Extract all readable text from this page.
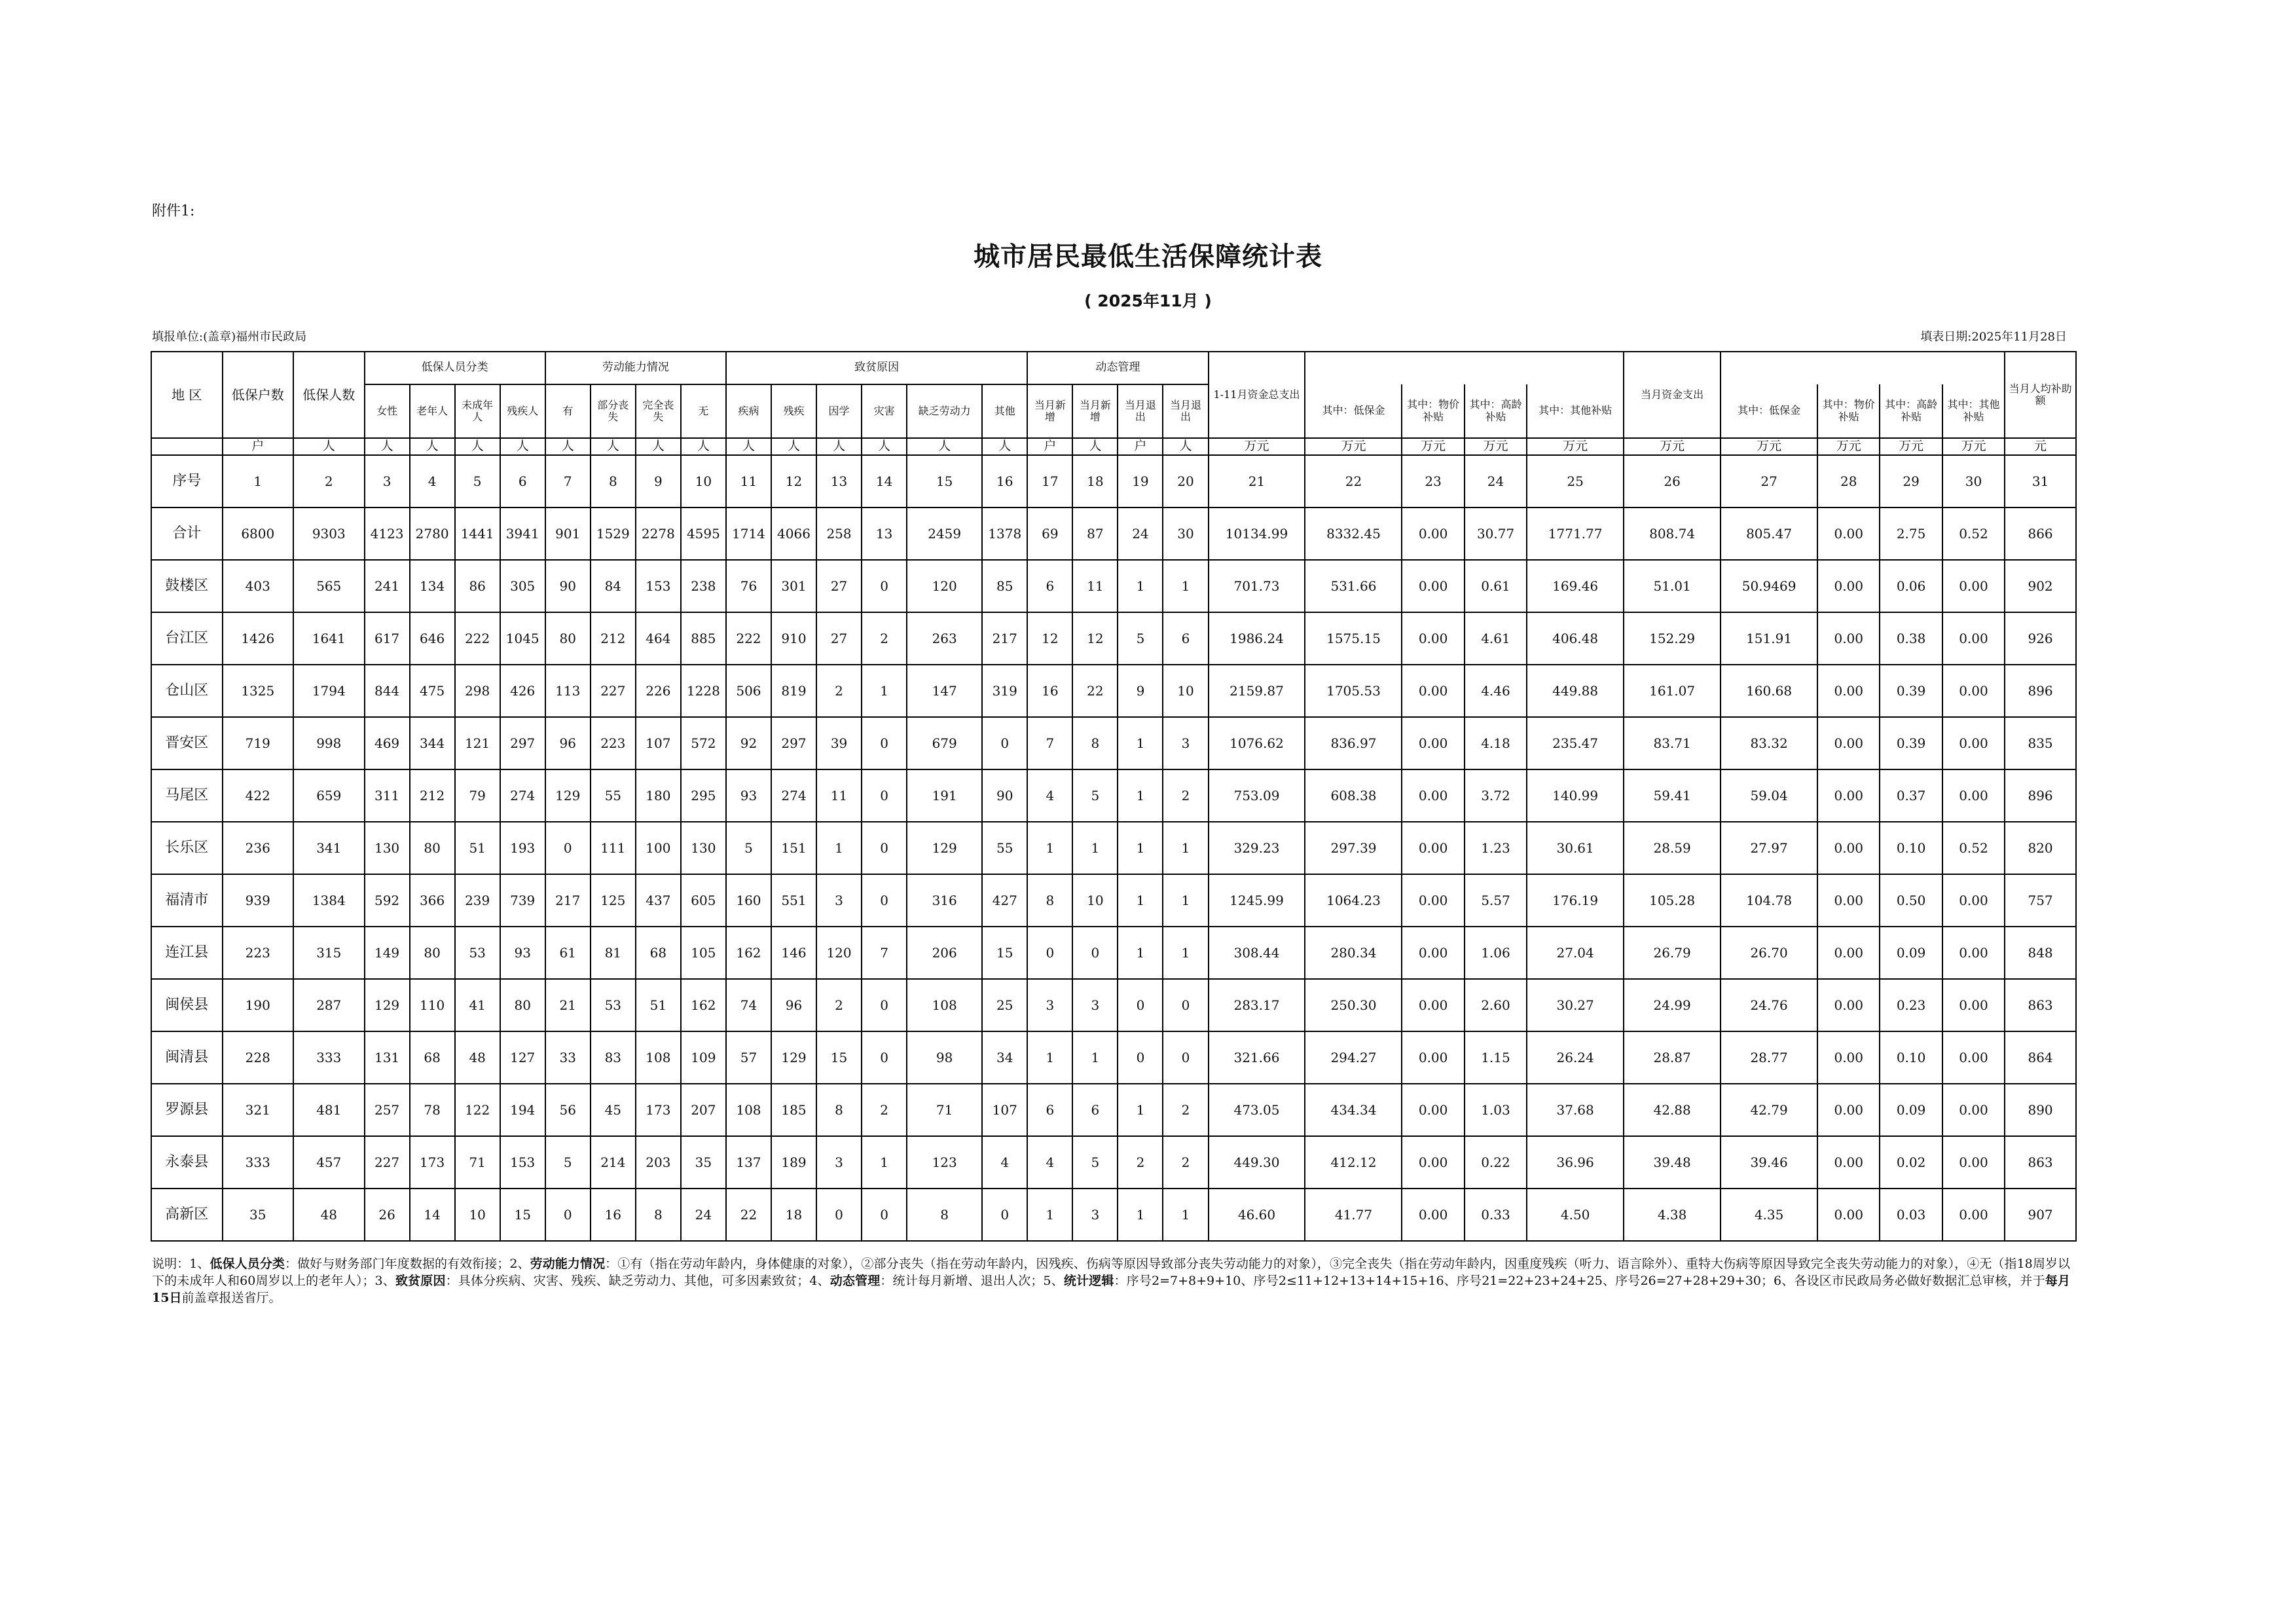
附件1:
城市居民最低生活保障统计表
( 2025年11月 )
填报单位:(盖章)福州市民政局	填表日期:2025年11月28日
地 区	低保户数	低保人数	低保人员分类				劳动能力情况				致贫原因						动态管理				1-11月资金总支出					当月资金支出					当月人均补助额
			女性	老年人	未成年人	残疾人	有	部分丧失	完全丧失	无	疾病	残疾	因学	灾害	缺乏劳动力	其他	当月新增	当月新增	当月退出	当月退出		其中：低保金	其中：物价补贴	其中：高龄补贴	其中：其他补贴		其中：低保金	其中：物价补贴	其中：高龄补贴	其中：其他补贴	
	户	人	人	人	人	人	人	人	人	人	人	人	人	人	人	人	户	人	户	人	万元	万元	万元	万元	万元	万元	万元	万元	万元	万元	元
序号	1	2	3	4	5	6	7	8	9	10	11	12	13	14	15	16	17	18	19	20	21	22	23	24	25	26	27	28	29	30	31
合计	6800	9303	4123	2780	1441	3941	901	1529	2278	4595	1714	4066	258	13	2459	1378	69	87	24	30	10134.99	8332.45	0.00	30.77	1771.77	808.74	805.47	0.00	2.75	0.52	866
鼓楼区	403	565	241	134	86	305	90	84	153	238	76	301	27	0	120	85	6	11	1	1	701.73	531.66	0.00	0.61	169.46	51.01	50.9469	0.00	0.06	0.00	902
台江区	1426	1641	617	646	222	1045	80	212	464	885	222	910	27	2	263	217	12	12	5	6	1986.24	1575.15	0.00	4.61	406.48	152.29	151.91	0.00	0.38	0.00	926
仓山区	1325	1794	844	475	298	426	113	227	226	1228	506	819	2	1	147	319	16	22	9	10	2159.87	1705.53	0.00	4.46	449.88	161.07	160.68	0.00	0.39	0.00	896
晋安区	719	998	469	344	121	297	96	223	107	572	92	297	39	0	679	0	7	8	1	3	1076.62	836.97	0.00	4.18	235.47	83.71	83.32	0.00	0.39	0.00	835
马尾区	422	659	311	212	79	274	129	55	180	295	93	274	11	0	191	90	4	5	1	2	753.09	608.38	0.00	3.72	140.99	59.41	59.04	0.00	0.37	0.00	896
长乐区	236	341	130	80	51	193	0	111	100	130	5	151	1	0	129	55	1	1	1	1	329.23	297.39	0.00	1.23	30.61	28.59	27.97	0.00	0.10	0.52	820
福清市	939	1384	592	366	239	739	217	125	437	605	160	551	3	0	316	427	8	10	1	1	1245.99	1064.23	0.00	5.57	176.19	105.28	104.78	0.00	0.50	0.00	757
连江县	223	315	149	80	53	93	61	81	68	105	162	146	120	7	206	15	0	0	1	1	308.44	280.34	0.00	1.06	27.04	26.79	26.70	0.00	0.09	0.00	848
闽侯县	190	287	129	110	41	80	21	53	51	162	74	96	2	0	108	25	3	3	0	0	283.17	250.30	0.00	2.60	30.27	24.99	24.76	0.00	0.23	0.00	863
闽清县	228	333	131	68	48	127	33	83	108	109	57	129	15	0	98	34	1	1	0	0	321.66	294.27	0.00	1.15	26.24	28.87	28.77	0.00	0.10	0.00	864
罗源县	321	481	257	78	122	194	56	45	173	207	108	185	8	2	71	107	6	6	1	2	473.05	434.34	0.00	1.03	37.68	42.88	42.79	0.00	0.09	0.00	890
永泰县	333	457	227	173	71	153	5	214	203	35	137	189	3	1	123	4	4	5	2	2	449.30	412.12	0.00	0.22	36.96	39.48	39.46	0.00	0.02	0.00	863
高新区	35	48	26	14	10	15	0	16	8	24	22	18	0	0	8	0	1	3	1	1	46.60	41.77	0.00	0.33	4.50	4.38	4.35	0.00	0.03	0.00	907
说明：1、低保人员分类：做好与财务部门年度数据的有效衔接；2、劳动能力情况：①有（指在劳动年龄内，身体健康的对象），②部分丧失（指在劳动年龄内，因残疾、伤病等原因导致部分丧失劳动能力的对象），③完全丧失（指在劳动年龄内，因重度残疾（听力、语言除外）、重特大伤病等原因导致完全丧失劳动能力的对象），④无（指18周岁以下的未成年人和60周岁以上的老年人）；3、致贫原因：具体分疾病、灾害、残疾、缺乏劳动力、其他，可多因素致贫；4、动态管理：统计每月新增、退出人次；5、统计逻辑：序号2=7+8+9+10、序号2≤11+12+13+14+15+16、序号21=22+23+24+25、序号26=27+28+29+30；6、各设区市民政局务必做好数据汇总审核，并于每月15日前盖章报送省厅。
